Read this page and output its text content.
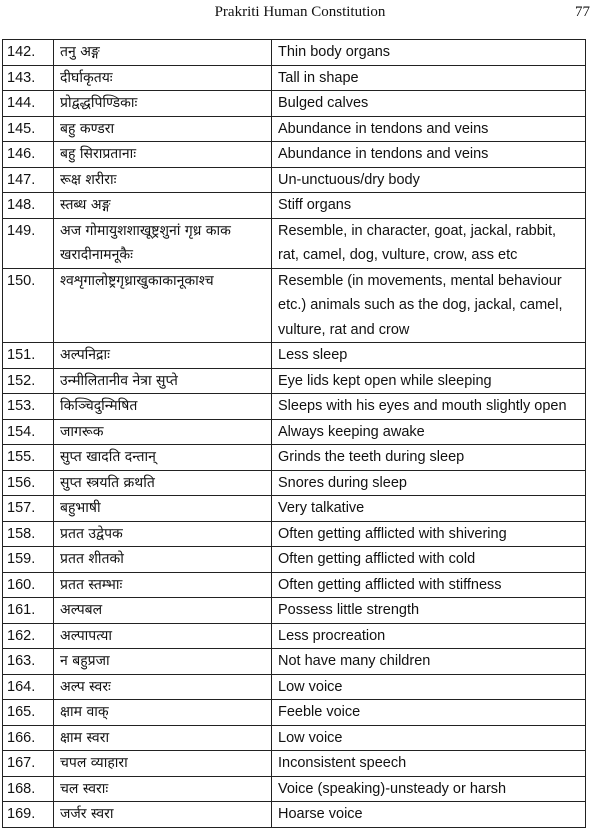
Prakriti Human Constitution	77
142.	तनु अङ्ग	Thin body organs
143.	दीर्घाकृतयः	Tall in shape
144.	प्रोद्वद्धपिण्डिकाः	Bulged calves
145.	बहु कण्डरा	Abundance in tendons and veins
146.	बहु सिराप्रतानाः	Abundance in tendons and veins
147.	रूक्ष शरीराः	Un-unctuous/dry body
148.	स्तब्ध अङ्ग	Stiff organs
149.	अज गोमायुशशाखूष्ट्रशुनां गृध्र काक खरादीनामनूकैः	Resemble, in character, goat, jackal, rabbit, rat, camel, dog, vulture, crow, ass etc
150.	श्वशृगालोष्ट्रगृध्राखुकाकानूकाश्च	Resemble (in movements, mental behaviour etc.) animals such as the dog, jackal, camel, vulture, rat and crow
151.	अल्पनिद्राः	Less sleep
152.	उन्मीलितानीव नेत्रा सुप्ते	Eye lids kept open while sleeping
153.	किञ्चिदुन्मिषित	Sleeps with his eyes and mouth slightly open
154.	जागरूक	Always keeping awake
155.	सुप्त खादति दन्तान्	Grinds the teeth during sleep
156.	सुप्त स्त्रयति क्रथति	Snores during sleep
157.	बहुभाषी	Very talkative
158.	प्रतत उद्वेपक	Often getting afflicted with shivering
159.	प्रतत शीतको	Often getting afflicted with cold
160.	प्रतत स्तम्भाः	Often getting afflicted with stiffness
161.	अल्पबल	Possess little strength
162.	अल्पापत्या	Less procreation
163.	न बहुप्रजा	Not have many children
164.	अल्प स्वरः	Low voice
165.	क्षाम वाक्	Feeble voice
166.	क्षाम स्वरा	Low voice
167.	चपल व्याहारा	Inconsistent speech
168.	चल स्वराः	Voice (speaking)-unsteady or harsh
169.	जर्जर स्वरा	Hoarse voice
